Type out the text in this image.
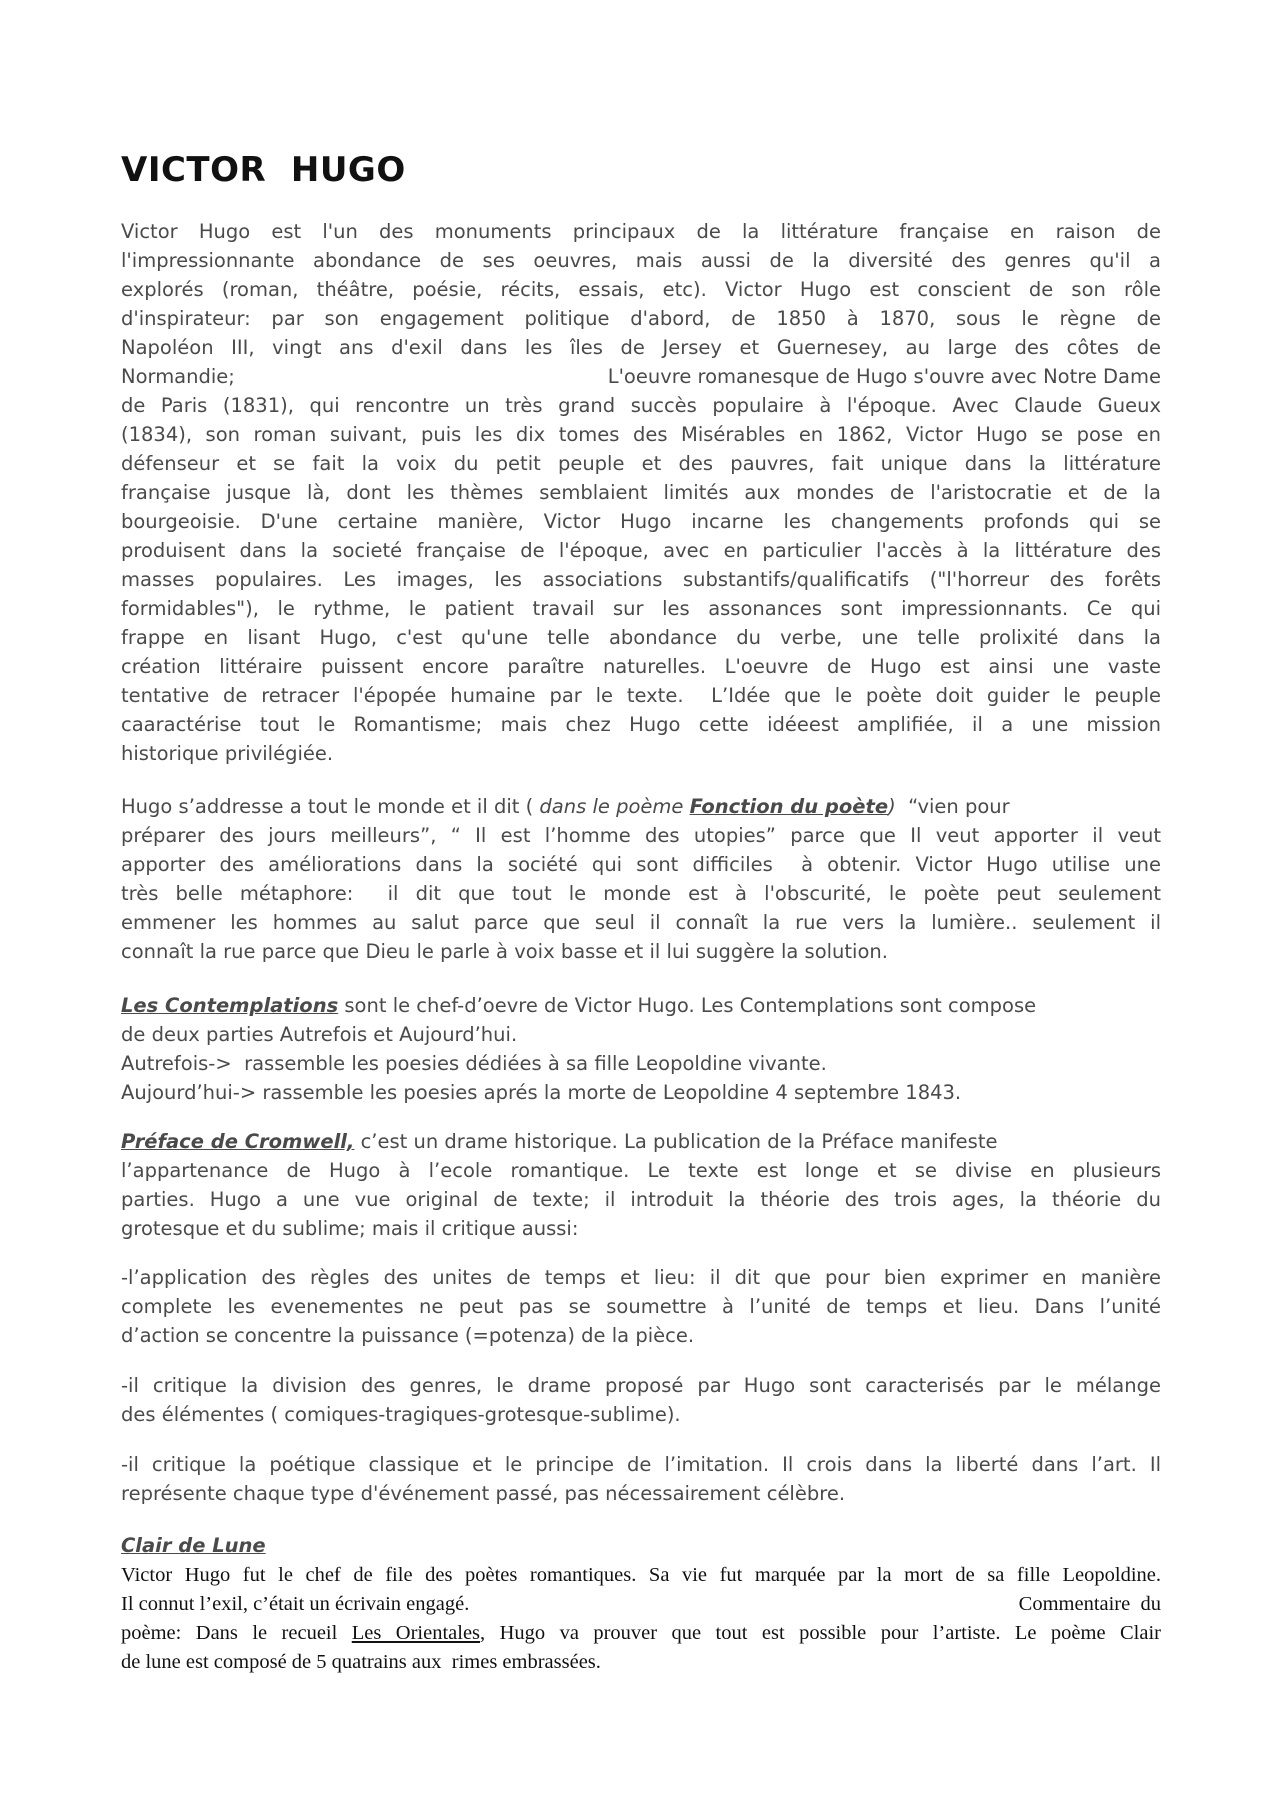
VICTOR  HUGO
Victor Hugo est l'un des monuments principaux de la littérature française en raison de
l'impressionnante abondance de ses oeuvres, mais aussi de la diversité des genres qu'il a
explorés (roman, théâtre, poésie, récits, essais, etc). Victor Hugo est conscient de son rôle
d'inspirateur: par son engagement politique d'abord, de 1850 à 1870, sous le règne de
Napoléon III, vingt ans d'exil dans les îles de Jersey et Guernesey, au large des côtes de
Normandie;	L'oeuvre romanesque de Hugo s'ouvre avec Notre Dame
de Paris (1831), qui rencontre un très grand succès populaire à l'époque. Avec Claude Gueux
(1834), son roman suivant, puis les dix tomes des Misérables en 1862, Victor Hugo se pose en
défenseur et se fait la voix du petit peuple et des pauvres, fait unique dans la littérature
française jusque là, dont les thèmes semblaient limités aux mondes de l'aristocratie et de la
bourgeoisie. D'une certaine manière, Victor Hugo incarne les changements profonds qui se
produisent dans la societé française de l'époque, avec en particulier l'accès à la littérature des
masses populaires. Les images, les associations substantifs/qualificatifs ("l'horreur des forêts
formidables"), le rythme, le patient travail sur les assonances sont impressionnants. Ce qui
frappe en lisant Hugo, c'est qu'une telle abondance du verbe, une telle prolixité dans la
création littéraire puissent encore paraître naturelles. L'oeuvre de Hugo est ainsi une vaste
tentative de retracer l'épopée humaine par le texte.  L’Idée que le poète doit guider le peuple
caaractérise tout le Romantisme; mais chez Hugo cette idéeest amplifiée, il a une mission
historique privilégiée.
Hugo s’addresse a tout le monde et il dit ( dans le poème Fonction du poète)  “vien pour
préparer des jours meilleurs”, “ Il est l’homme des utopies” parce que Il veut apporter il veut
apporter des améliorations dans la société qui sont difficiles  à obtenir. Victor Hugo utilise une
très belle métaphore:  il dit que tout le monde est à l'obscurité, le poète peut seulement
emmener les hommes au salut parce que seul il connaît la rue vers la lumière.. seulement il
connaît la rue parce que Dieu le parle à voix basse et il lui suggère la solution.
Les Contemplations sont le chef-d’oevre de Victor Hugo. Les Contemplations sont compose
de deux parties Autrefois et Aujourd’hui.
Autrefois->  rassemble les poesies dédiées à sa fille Leopoldine vivante.
Aujourd’hui-> rassemble les poesies aprés la morte de Leopoldine 4 septembre 1843.
Préface de Cromwell, c’est un drame historique. La publication de la Préface manifeste
l’appartenance de Hugo à l’ecole romantique. Le texte est longe et se divise en plusieurs
parties. Hugo a une vue original de texte; il introduit la théorie des trois ages, la théorie du
grotesque et du sublime; mais il critique aussi:
-l’application des règles des unites de temps et lieu: il dit que pour bien exprimer en manière
complete les evenementes ne peut pas se soumettre à l’unité de temps et lieu. Dans l’unité
d’action se concentre la puissance (=potenza) de la pièce.
-il critique la division des genres, le drame proposé par Hugo sont caracterisés par le mélange
des élémentes ( comiques-tragiques-grotesque-sublime).
-il critique la poétique classique et le principe de l’imitation. Il crois dans la liberté dans l’art. Il
représente chaque type d'événement passé, pas nécessairement célèbre.
Clair de Lune
Victor Hugo fut le chef de file des poètes romantiques. Sa vie fut marquée par la mort de sa fille Leopoldine.
Il connut l’exil, c’était un écrivain engagé.	Commentaire  du
poème: Dans le recueil Les Orientales, Hugo va prouver que tout est possible pour l’artiste. Le poème Clair
de lune est composé de 5 quatrains aux  rimes embrassées.
